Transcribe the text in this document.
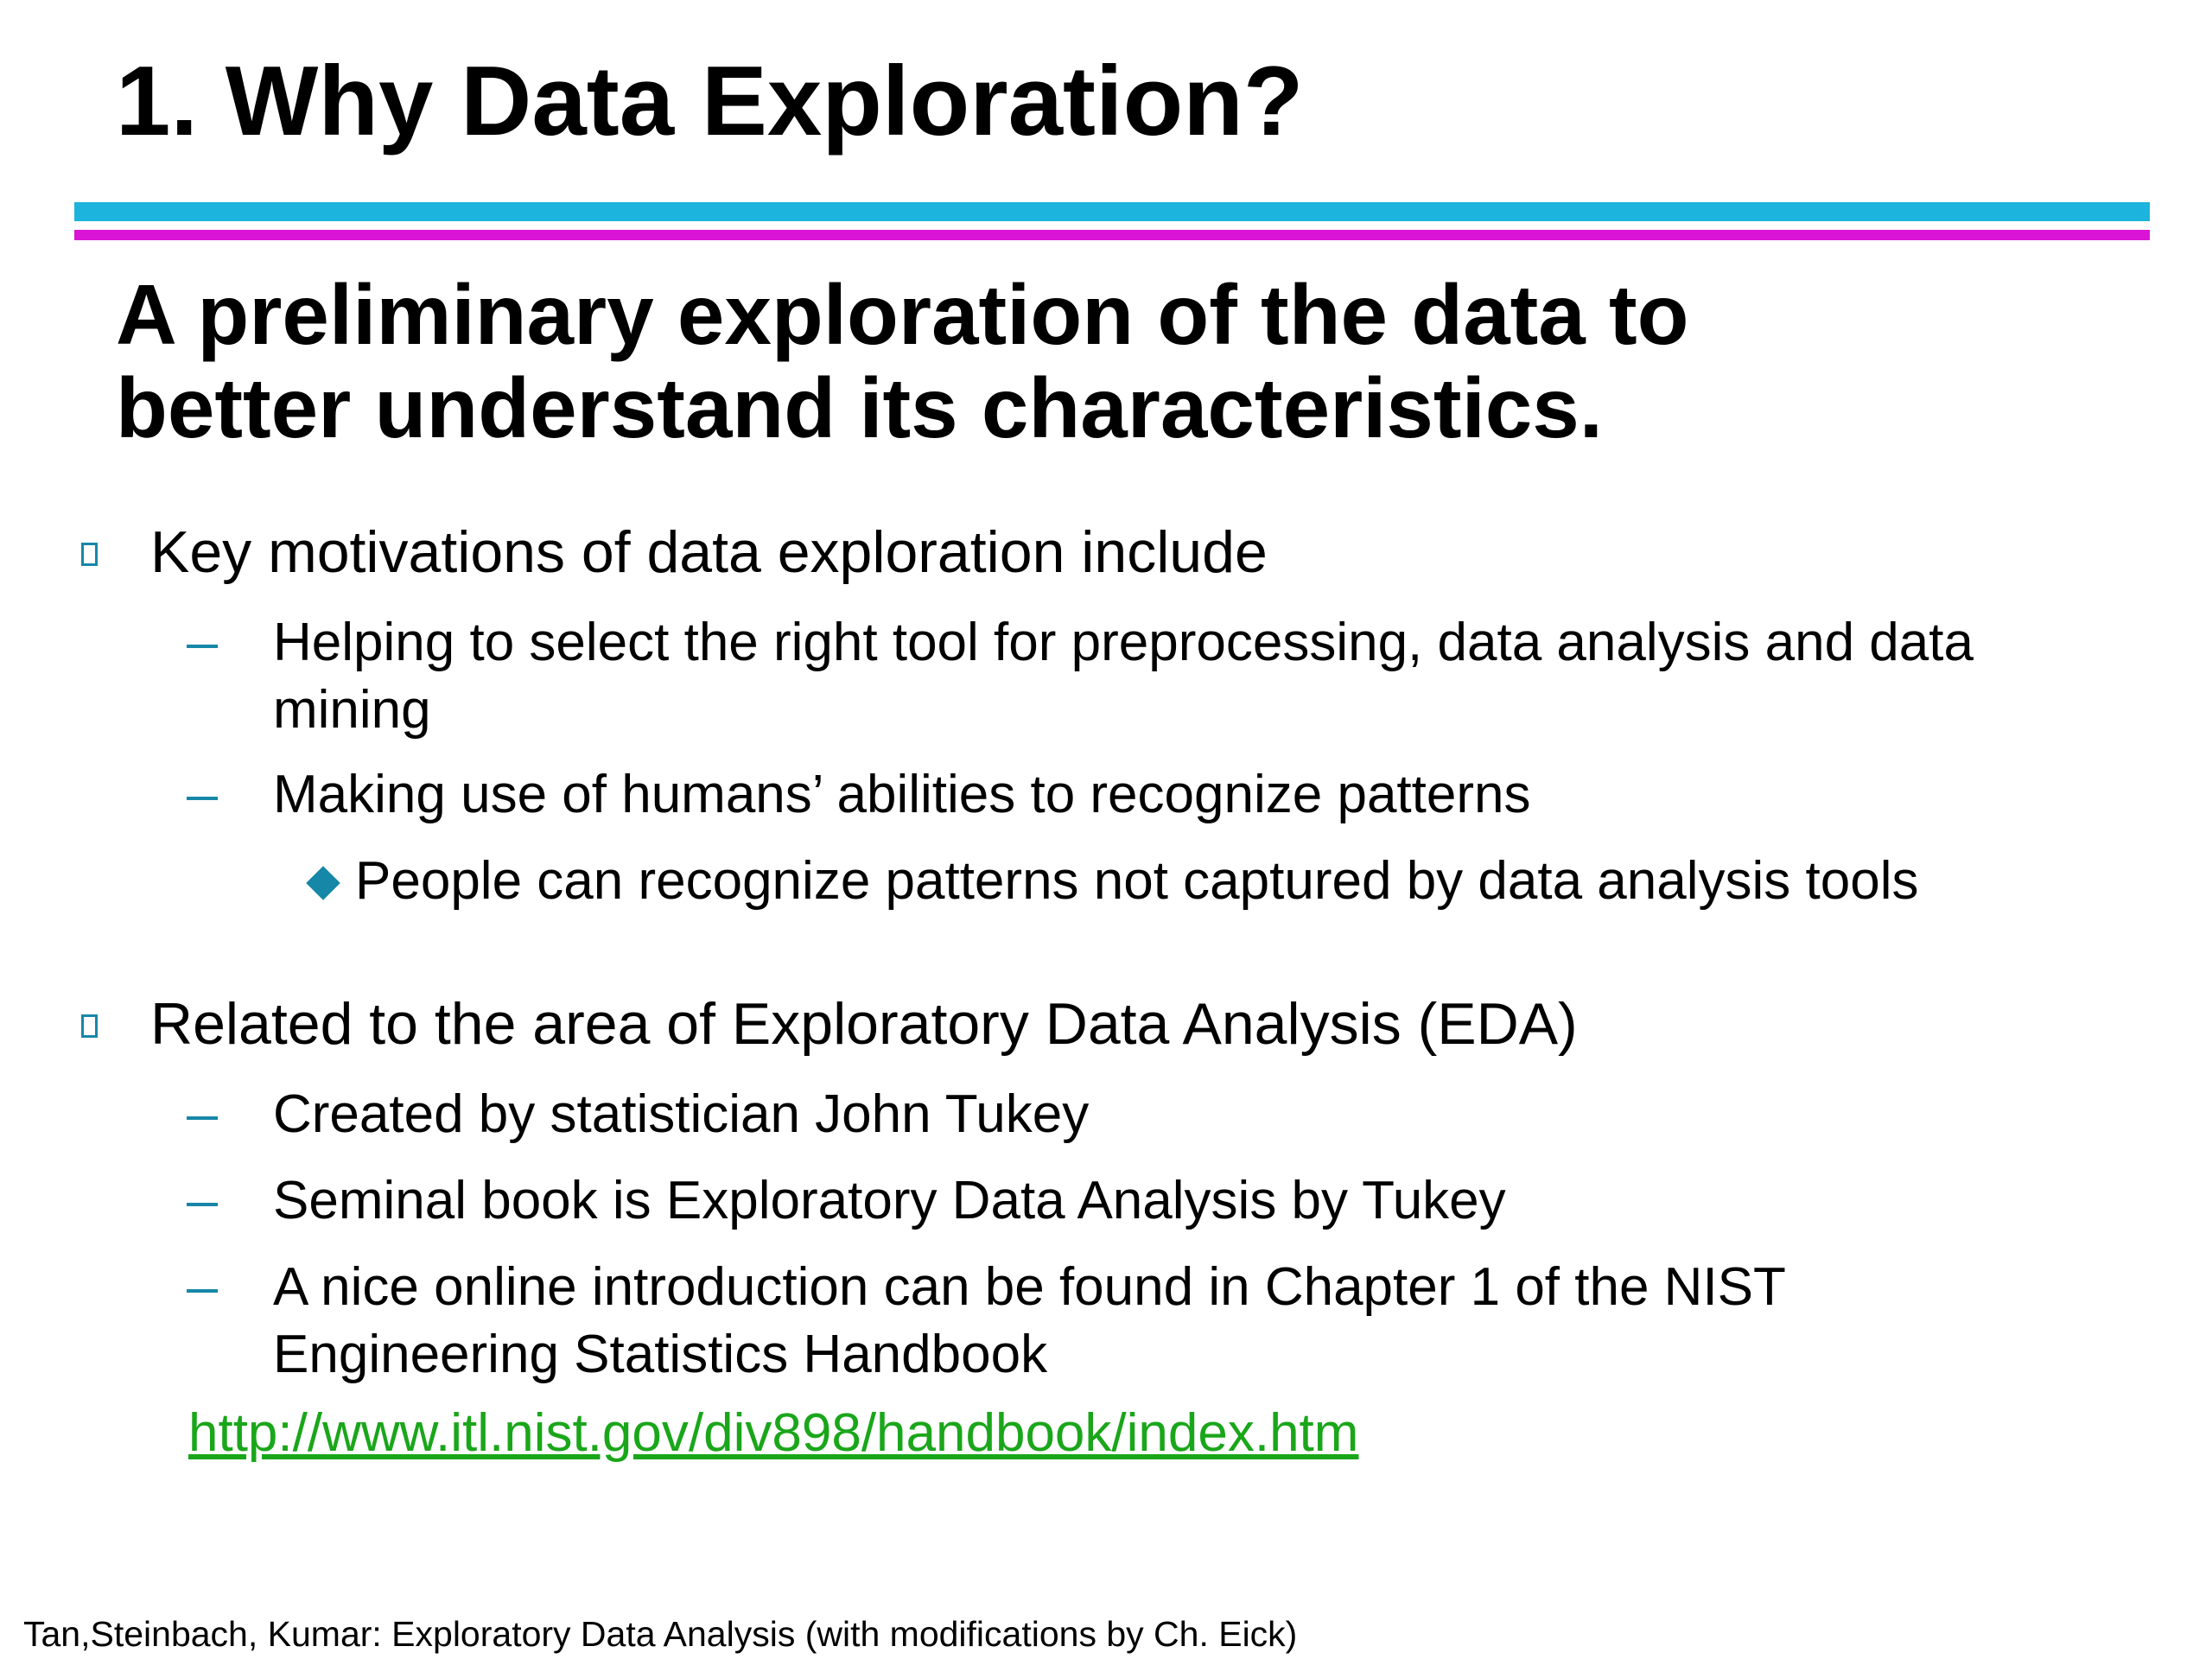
1. Why Data Exploration?
A preliminary exploration of the data to
better understand its characteristics.
Key motivations of data exploration include
Helping to select the right tool for preprocessing, data analysis and data
mining
Making use of humans’ abilities to recognize patterns
People can recognize patterns not captured by data analysis tools
Related to the area of Exploratory Data Analysis (EDA)
Created by statistician John Tukey
Seminal book is Exploratory Data Analysis by Tukey
A nice online introduction can be found in Chapter 1 of the NIST
Engineering Statistics Handbook
http://www.itl.nist.gov/div898/handbook/index.htm
Tan,Steinbach, Kumar: Exploratory Data Analysis (with modifications by Ch. Eick)
